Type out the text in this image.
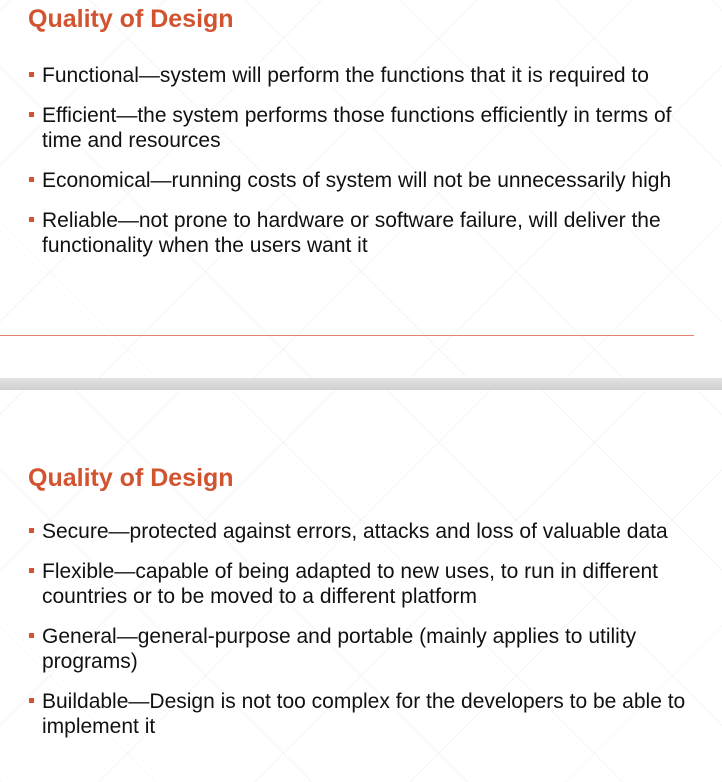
Quality of Design
Functional—system will perform the functions that it is required to
Efficient—the system performs those functions efficiently in terms of time and resources
Economical—running costs of system will not be unnecessarily high
Reliable—not prone to hardware or software failure, will deliver the functionality when the users want it
Quality of Design
Secure—protected against errors, attacks and loss of valuable data
Flexible—capable of being adapted to new uses, to run in different countries or to be moved to a different platform
General—general-purpose and portable (mainly applies to utility programs)
Buildable—Design is not too complex for the developers to be able to implement it
